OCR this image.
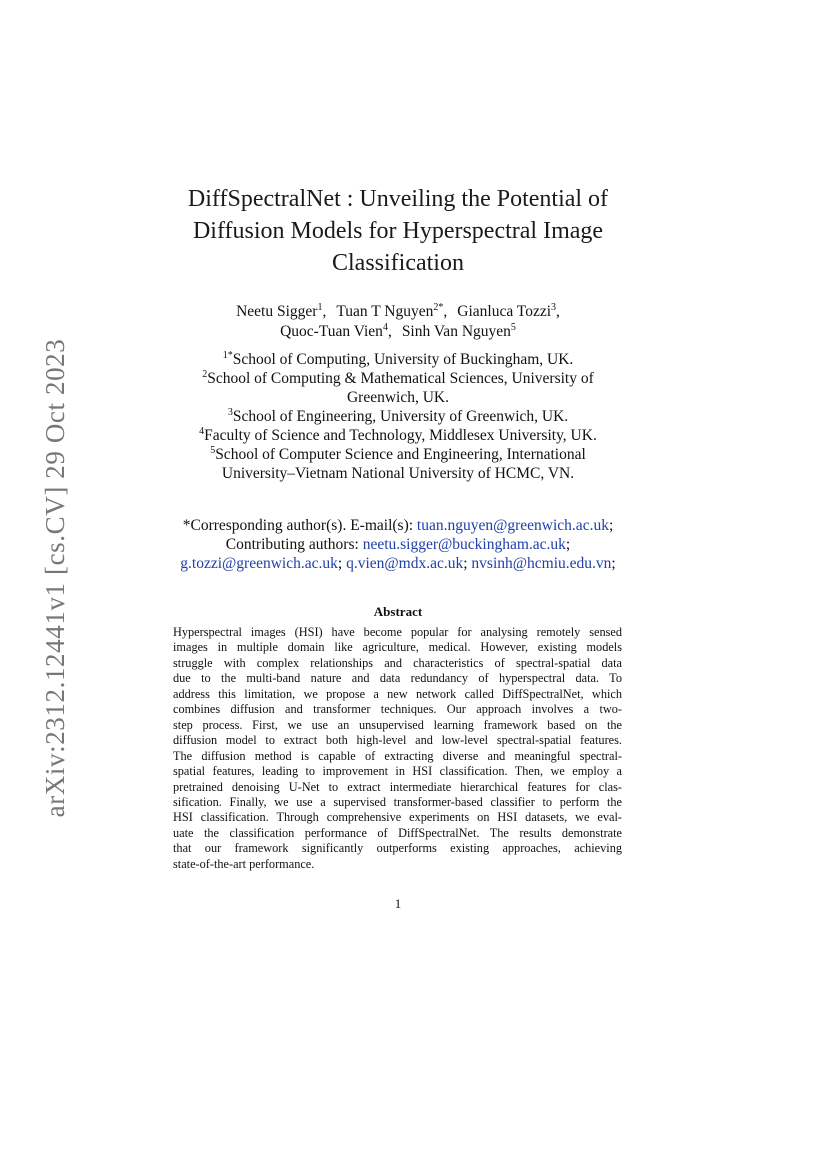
arXiv:2312.12441v1 [cs.CV] 29 Oct 2023
DiffSpectralNet : Unveiling the Potential of
Diffusion Models for Hyperspectral Image
Classification
Neetu Sigger$^1$, Tuan T Nguyen$^{2*}$, Gianluca Tozzi$^3$,
Quoc-Tuan Vien$^4$, Sinh Van Nguyen$^5$
$^{1*}$School of Computing, University of Buckingham, UK.
$^2$School of Computing & Mathematical Sciences, University of
Greenwich, UK.
$^3$School of Engineering, University of Greenwich, UK.
$^4$Faculty of Science and Technology, Middlesex University, UK.
$^5$School of Computer Science and Engineering, International
University–Vietnam National University of HCMC, VN.
*Corresponding author(s). E-mail(s): tuan.nguyen@greenwich.ac.uk;
Contributing authors: neetu.sigger@buckingham.ac.uk;
g.tozzi@greenwich.ac.uk; q.vien@mdx.ac.uk; nvsinh@hcmiu.edu.vn;
Abstract
Hyperspectral images (HSI) have become popular for analysing remotely sensed
images in multiple domain like agriculture, medical. However, existing models
struggle with complex relationships and characteristics of spectral-spatial data
due to the multi-band nature and data redundancy of hyperspectral data. To
address this limitation, we propose a new network called DiffSpectralNet, which
combines diffusion and transformer techniques. Our approach involves a two-
step process. First, we use an unsupervised learning framework based on the
diffusion model to extract both high-level and low-level spectral-spatial features.
The diffusion method is capable of extracting diverse and meaningful spectral-
spatial features, leading to improvement in HSI classification. Then, we employ a
pretrained denoising U-Net to extract intermediate hierarchical features for clas-
sification. Finally, we use a supervised transformer-based classifier to perform the
HSI classification. Through comprehensive experiments on HSI datasets, we eval-
uate the classification performance of DiffSpectralNet. The results demonstrate
that our framework significantly outperforms existing approaches, achieving
state-of-the-art performance.
1
